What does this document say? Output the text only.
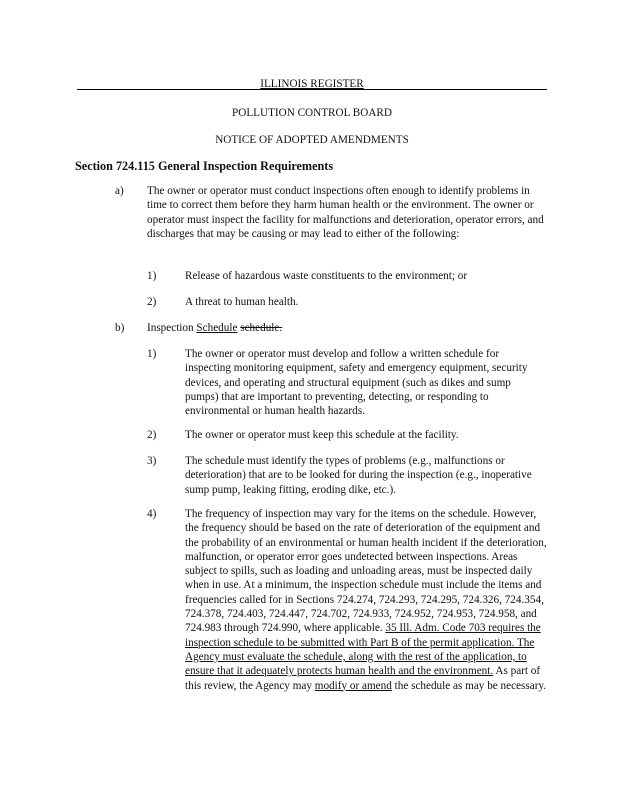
ILLINOIS REGISTER
POLLUTION CONTROL BOARD
NOTICE OF ADOPTED AMENDMENTS
Section 724.115 General Inspection Requirements
a) The owner or operator must conduct inspections often enough to identify problems in time to correct them before they harm human health or the environment. The owner or operator must inspect the facility for malfunctions and deterioration, operator errors, and discharges that may be causing or may lead to either of the following:
1)	Release of hazardous waste constituents to the environment; or
2)	A threat to human health.
b) Inspection Schedule schedule.
1)	The owner or operator must develop and follow a written schedule for inspecting monitoring equipment, safety and emergency equipment, security devices, and operating and structural equipment (such as dikes and sump pumps) that are important to preventing, detecting, or responding to environmental or human health hazards.
2)	The owner or operator must keep this schedule at the facility.
3)	The schedule must identify the types of problems (e.g., malfunctions or deterioration) that are to be looked for during the inspection (e.g., inoperative sump pump, leaking fitting, eroding dike, etc.).
4)	The frequency of inspection may vary for the items on the schedule. However, the frequency should be based on the rate of deterioration of the equipment and the probability of an environmental or human health incident if the deterioration, malfunction, or operator error goes undetected between inspections. Areas subject to spills, such as loading and unloading areas, must be inspected daily when in use. At a minimum, the inspection schedule must include the items and frequencies called for in Sections 724.274, 724.293, 724.295, 724.326, 724.354, 724.378, 724.403, 724.447, 724.702, 724.933, 724.952, 724.953, 724.958, and 724.983 through 724.990, where applicable. 35 Ill. Adm. Code 703 requires the inspection schedule to be submitted with Part B of the permit application. The Agency must evaluate the schedule, along with the rest of the application, to ensure that it adequately protects human health and the environment. As part of this review, the Agency may modify or amend the schedule as may be necessary.
